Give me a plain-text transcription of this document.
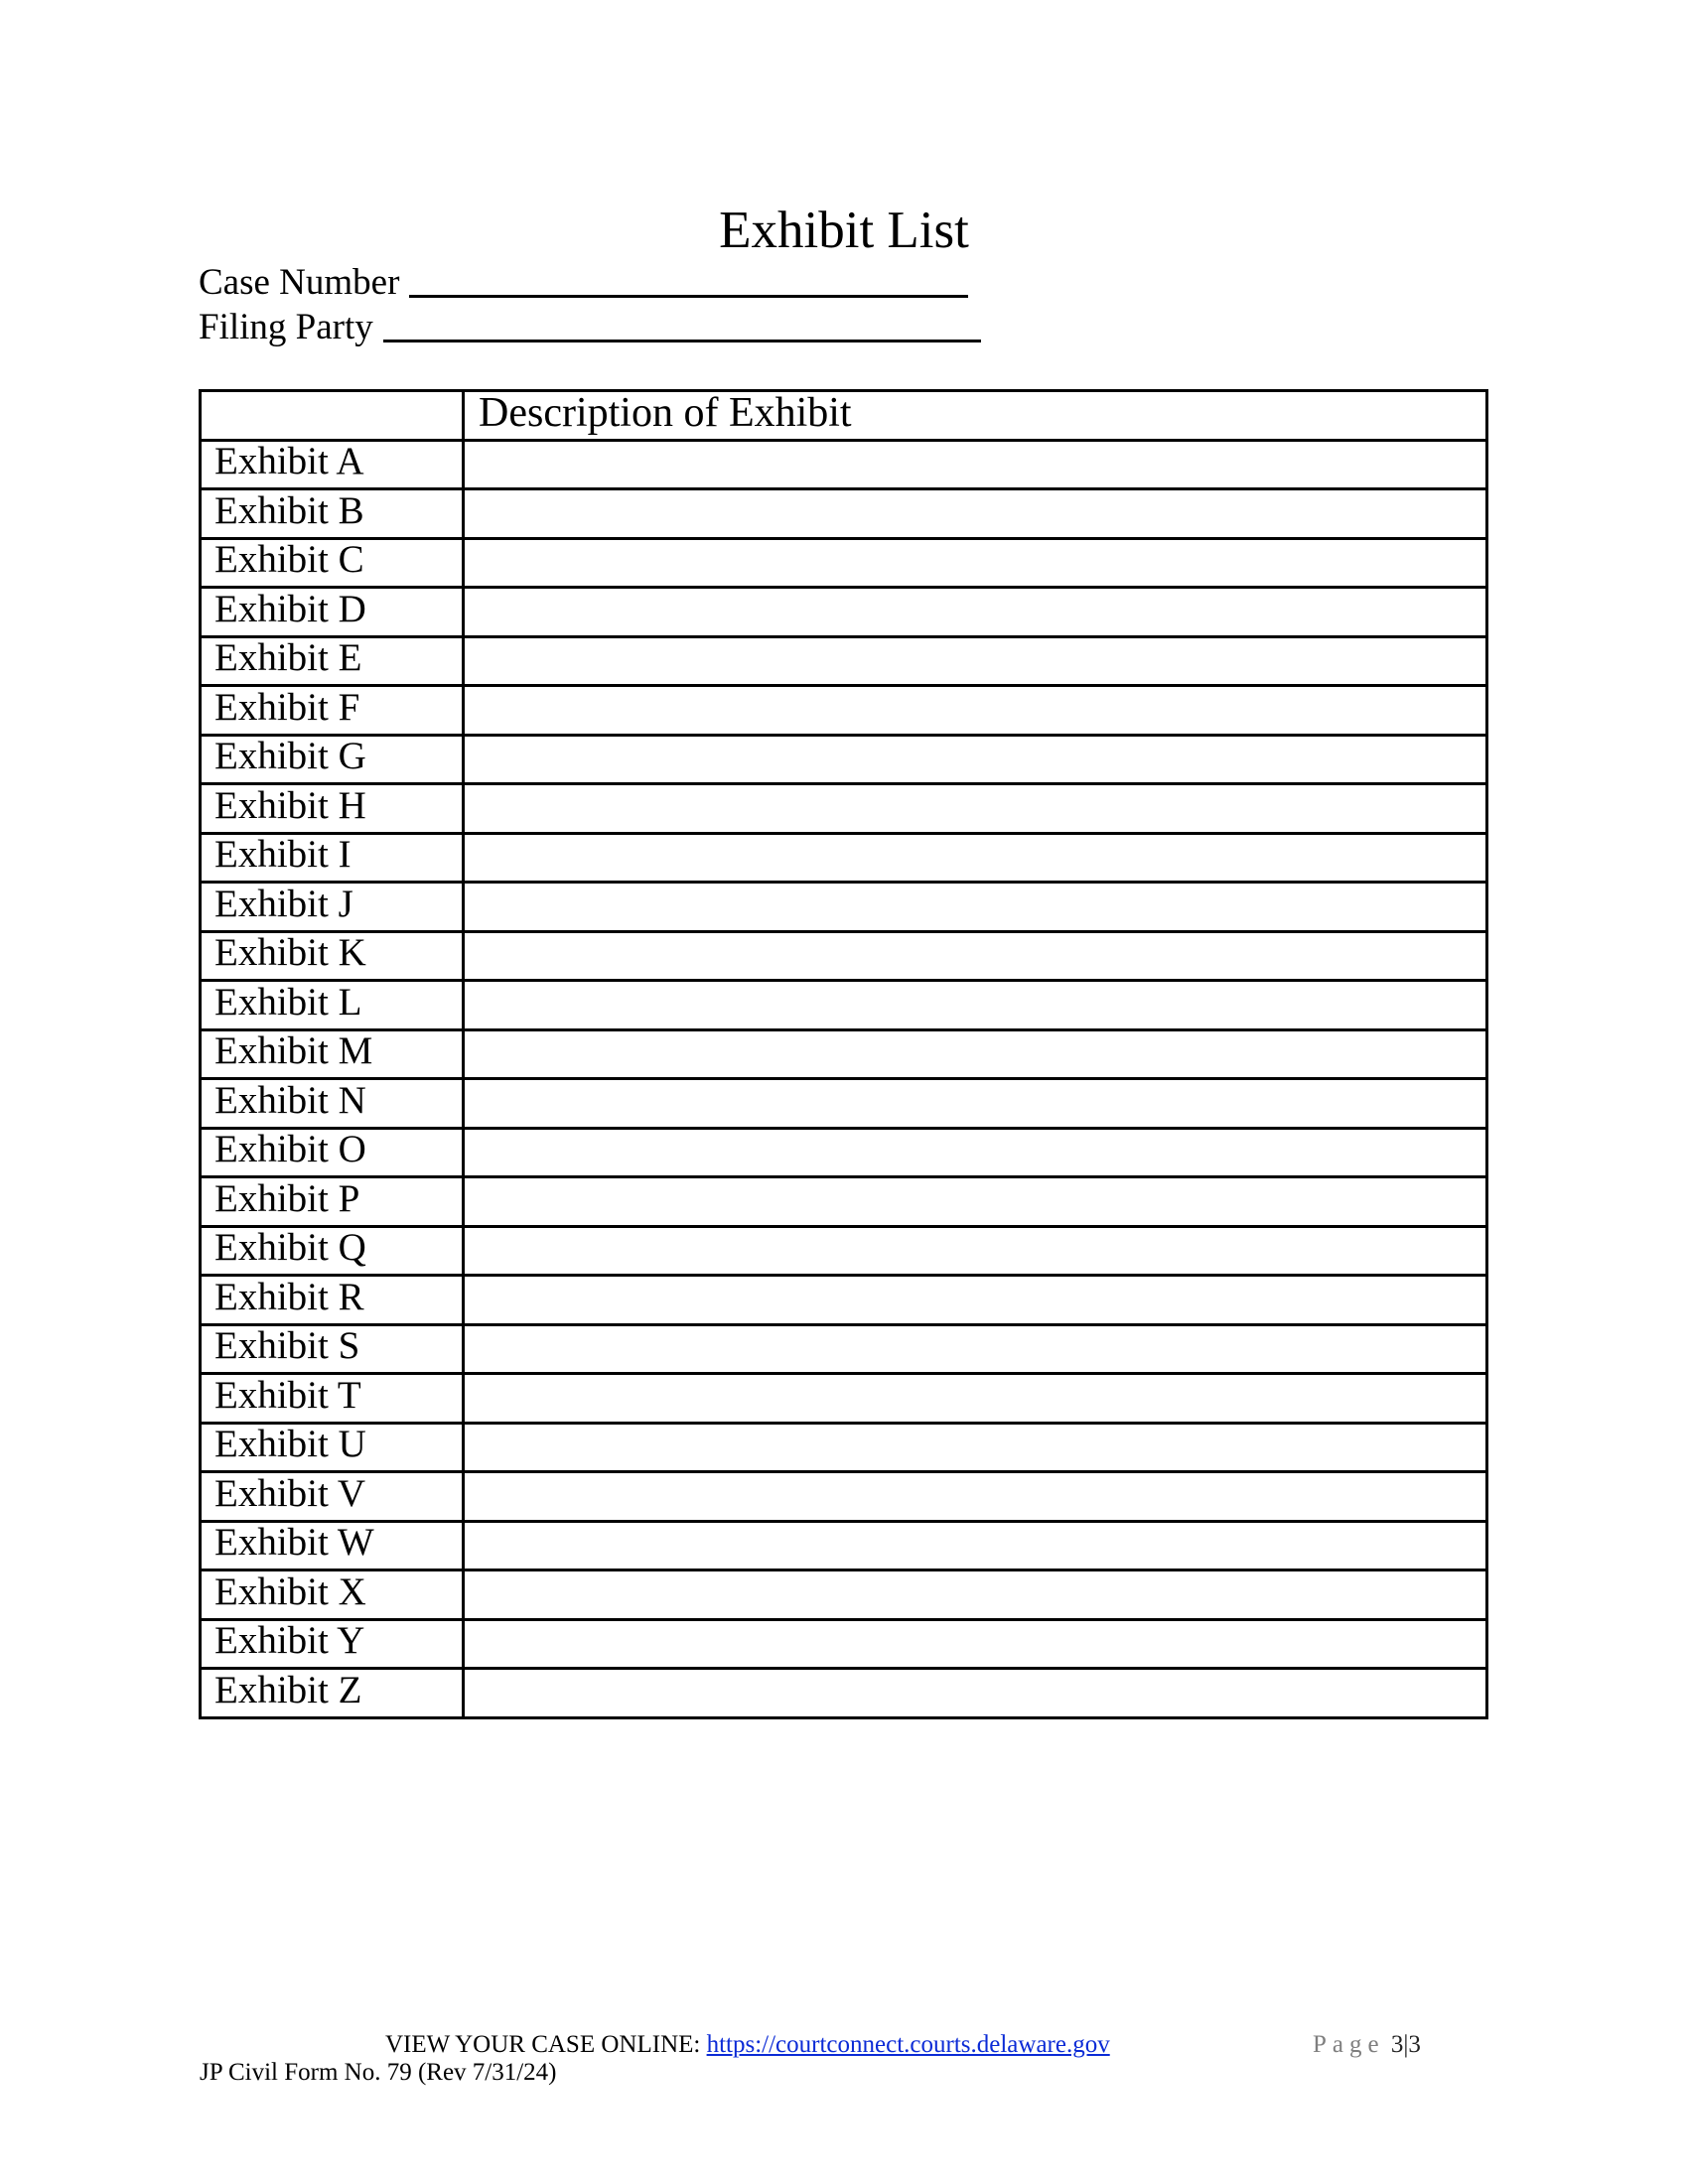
Exhibit List
Case Number
Filing Party
	Description of Exhibit
Exhibit A	
Exhibit B	
Exhibit C	
Exhibit D	
Exhibit E	
Exhibit F	
Exhibit G	
Exhibit H	
Exhibit I	
Exhibit J	
Exhibit K	
Exhibit L	
Exhibit M	
Exhibit N	
Exhibit O	
Exhibit P	
Exhibit Q	
Exhibit R	
Exhibit S	
Exhibit T	
Exhibit U	
Exhibit V	
Exhibit W	
Exhibit X	
Exhibit Y	
Exhibit Z	
VIEW YOUR CASE ONLINE: https://courtconnect.courts.delaware.gov
JP Civil Form No. 79 (Rev 7/31/24)
Page 3|3
